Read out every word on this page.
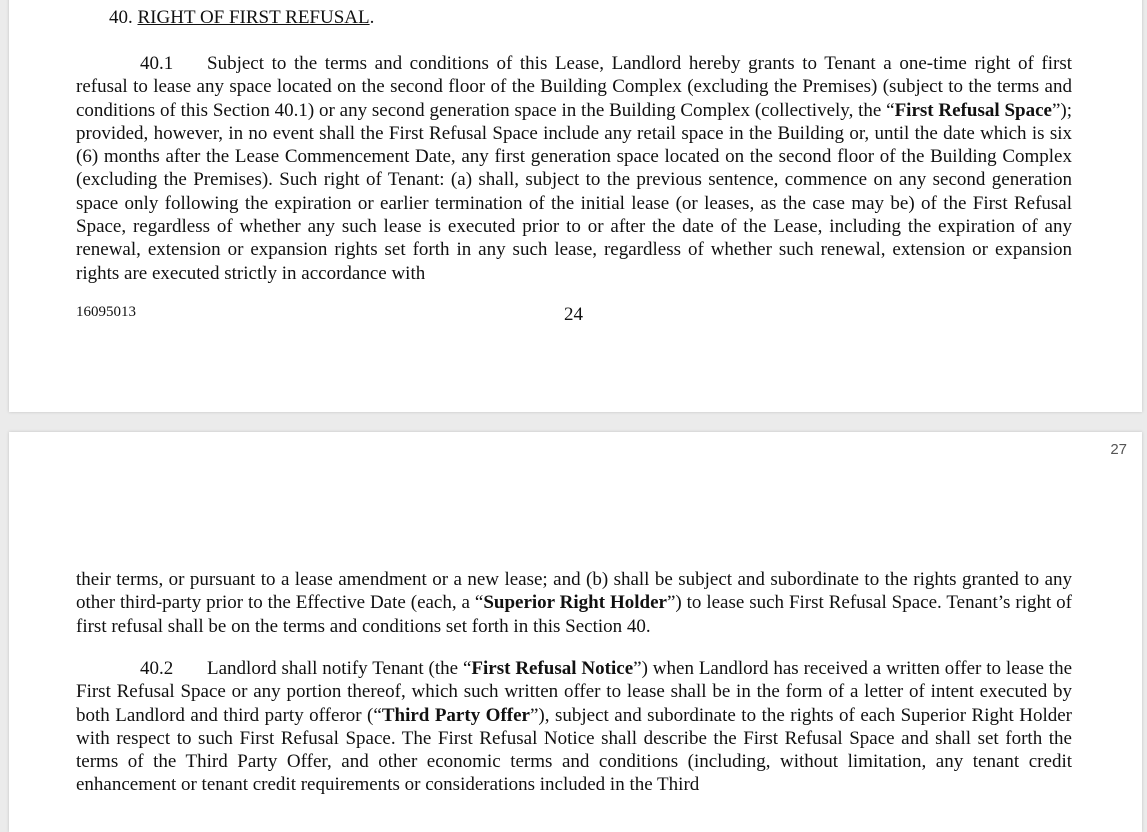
40. RIGHT OF FIRST REFUSAL.
40.1 Subject to the terms and conditions of this Lease, Landlord hereby grants to Tenant a one-time right of first refusal to lease any space located on the second floor of the Building Complex (excluding the Premises) (subject to the terms and conditions of this Section 40.1) or any second generation space in the Building Complex (collectively, the “First Refusal Space”); provided, however, in no event shall the First Refusal Space include any retail space in the Building or, until the date which is six (6) months after the Lease Commencement Date, any first generation space located on the second floor of the Building Complex (excluding the Premises). Such right of Tenant: (a) shall, subject to the previous sentence, commence on any second generation space only following the expiration or earlier termination of the initial lease (or leases, as the case may be) of the First Refusal Space, regardless of whether any such lease is executed prior to or after the date of the Lease, including the expiration of any renewal, extension or expansion rights set forth in any such lease, regardless of whether such renewal, extension or expansion rights are executed strictly in accordance with
16095013	24
27
their terms, or pursuant to a lease amendment or a new lease; and (b) shall be subject and subordinate to the rights granted to any other third-party prior to the Effective Date (each, a “Superior Right Holder”) to lease such First Refusal Space. Tenant’s right of first refusal shall be on the terms and conditions set forth in this Section 40.
40.2 Landlord shall notify Tenant (the “First Refusal Notice”) when Landlord has received a written offer to lease the First Refusal Space or any portion thereof, which such written offer to lease shall be in the form of a letter of intent executed by both Landlord and third party offeror (“Third Party Offer”), subject and subordinate to the rights of each Superior Right Holder with respect to such First Refusal Space. The First Refusal Notice shall describe the First Refusal Space and shall set forth the terms of the Third Party Offer, and other economic terms and conditions (including, without limitation, any tenant credit enhancement or tenant credit requirements or considerations included in the Third
